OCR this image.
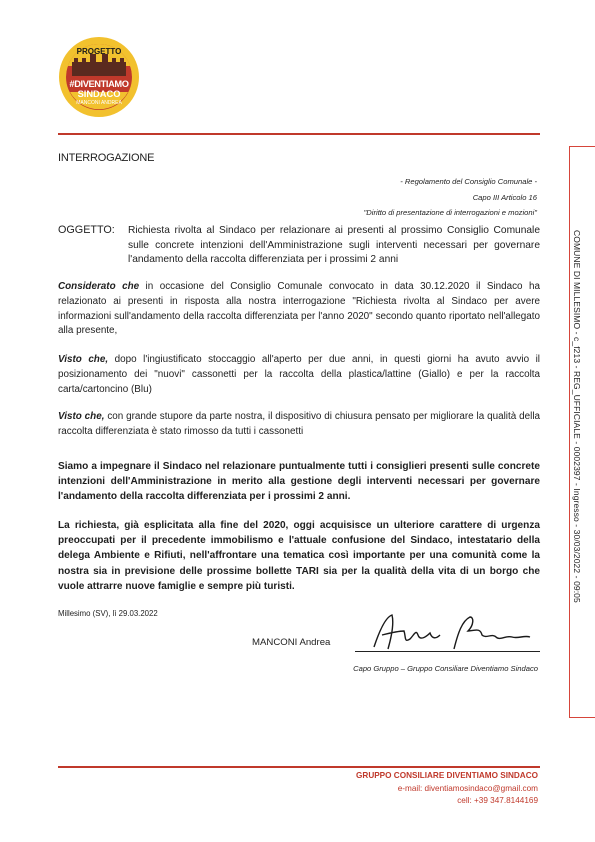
PROGETTO
#DIVENTIAMO
SINDACO
MANCONI ANDREA
INTERROGAZIONE
- Regolamento del Consiglio Comunale -
Capo III Articolo 16
"Diritto di presentazione di interrogazioni e mozioni"
OGGETTO: Richiesta rivolta al Sindaco per relazionare ai presenti al prossimo Consiglio Comunale sulle concrete intenzioni dell'Amministrazione sugli interventi necessari per governare l'andamento della raccolta differenziata per i prossimi 2 anni
Considerato che in occasione del Consiglio Comunale convocato in data 30.12.2020 il Sindaco ha relazionato ai presenti in risposta alla nostra interrogazione "Richiesta rivolta al Sindaco per avere informazioni sull'andamento della raccolta differenziata per l'anno 2020" secondo quanto riportato nell'allegato alla presente,
Visto che, dopo l'ingiustificato stoccaggio all'aperto per due anni, in questi giorni ha avuto avvio il posizionamento dei "nuovi" cassonetti per la raccolta della plastica/lattine (Giallo) e per la raccolta carta/cartoncino (Blu)
Visto che, con grande stupore da parte nostra, il dispositivo di chiusura pensato per migliorare la qualità della raccolta differenziata è stato rimosso da tutti i cassonetti
Siamo a impegnare il Sindaco nel relazionare puntualmente tutti i consiglieri presenti sulle concrete intenzioni dell'Amministrazione in merito alla gestione degli interventi necessari per governare l'andamento della raccolta differenziata per i prossimi 2 anni.
La richiesta, già esplicitata alla fine del 2020, oggi acquisisce un ulteriore carattere di urgenza preoccupati per il precedente immobilismo e l'attuale confusione del Sindaco, intestatario della delega Ambiente e Rifiuti, nell'affrontare una tematica così importante per una comunità come la nostra sia in previsione delle prossime bollette TARI sia per la qualità della vita di un borgo che vuole attrarre nuove famiglie e sempre più turisti.
Millesimo (SV), lì 29.03.2022
MANCONI Andrea
Capo Gruppo – Gruppo Consiliare Diventiamo Sindaco
GRUPPO CONSILIARE DIVENTIAMO SINDACO
e-mail: diventiamosindaco@gmail.com
cell: +39 347.8144169
COMUNE DI MILLESIMO - c_f213 - REG_UFFICIALE - 0002397 - Ingresso - 30/03/2022 - 09:05
